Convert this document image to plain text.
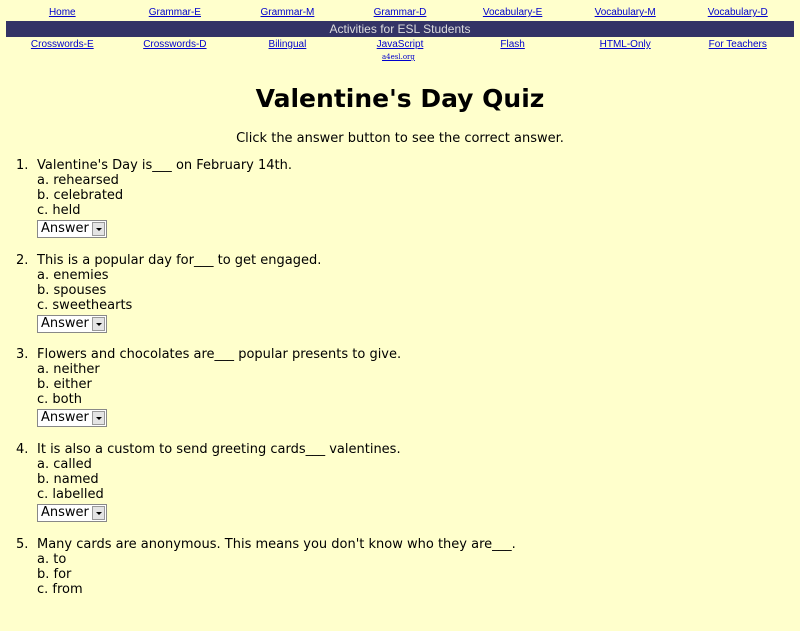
Home	Grammar-E	Grammar-M	Grammar-D	Vocabulary-E	Vocabulary-M	Vocabulary-D
Activities for ESL Students
Crosswords-E	Crosswords-D	Bilingual	JavaScript	Flash	HTML-Only	For Teachers
a4esl.org
Valentine's Day Quiz
Click the answer button to see the correct answer.
1. Valentine's Day is___ on February 14th.
a. rehearsed
b. celebrated
c. held
Answer
2. This is a popular day for___ to get engaged.
a. enemies
b. spouses
c. sweethearts
Answer
3. Flowers and chocolates are___ popular presents to give.
a. neither
b. either
c. both
Answer
4. It is also a custom to send greeting cards___ valentines.
a. called
b. named
c. labelled
Answer
5. Many cards are anonymous. This means you don't know who they are___.
a. to
b. for
c. from
